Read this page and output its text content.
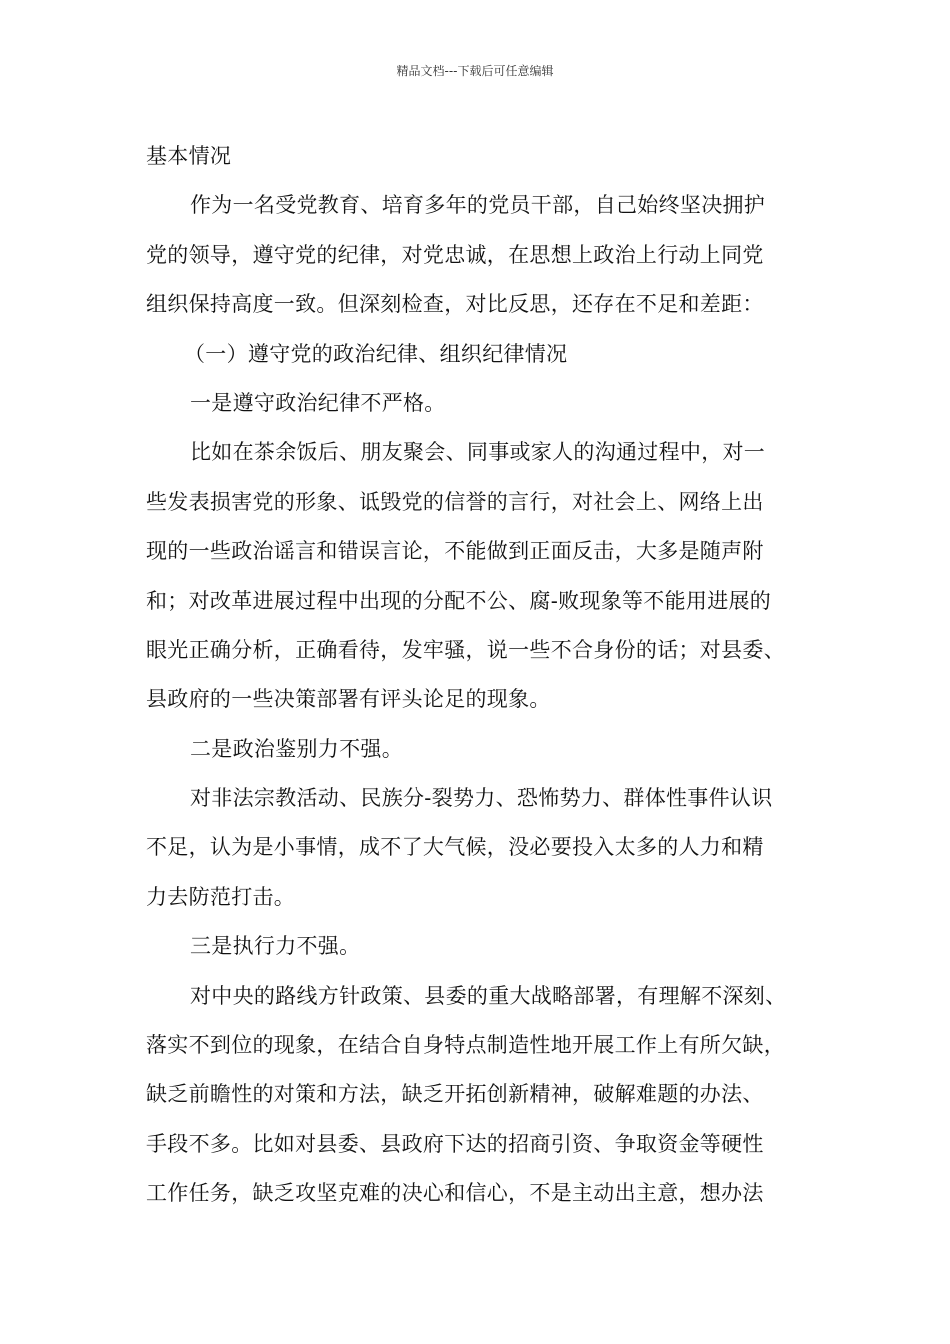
精品文档---下载后可任意编辑
基本情况
作为一名受党教育、培育多年的党员干部，自己始终坚决拥护
党的领导，遵守党的纪律，对党忠诚，在思想上政治上行动上同党
组织保持高度一致。但深刻检查，对比反思，还存在不足和差距：
（一）遵守党的政治纪律、组织纪律情况
一是遵守政治纪律不严格。
比如在茶余饭后、朋友聚会、同事或家人的沟通过程中，对一
些发表损害党的形象、诋毁党的信誉的言行，对社会上、网络上出
现的一些政治谣言和错误言论，不能做到正面反击，大多是随声附
和；对改革进展过程中出现的分配不公、腐-败现象等不能用进展的
眼光正确分析，正确看待，发牢骚，说一些不合身份的话；对县委、
县政府的一些决策部署有评头论足的现象。
二是政治鉴别力不强。
对非法宗教活动、民族分-裂势力、恐怖势力、群体性事件认识
不足，认为是小事情，成不了大气候，没必要投入太多的人力和精
力去防范打击。
三是执行力不强。
对中央的路线方针政策、县委的重大战略部署，有理解不深刻、
落实不到位的现象，在结合自身特点制造性地开展工作上有所欠缺，
缺乏前瞻性的对策和方法，缺乏开拓创新精神，破解难题的办法、
手段不多。比如对县委、县政府下达的招商引资、争取资金等硬性
工作任务，缺乏攻坚克难的决心和信心，不是主动出主意，想办法
